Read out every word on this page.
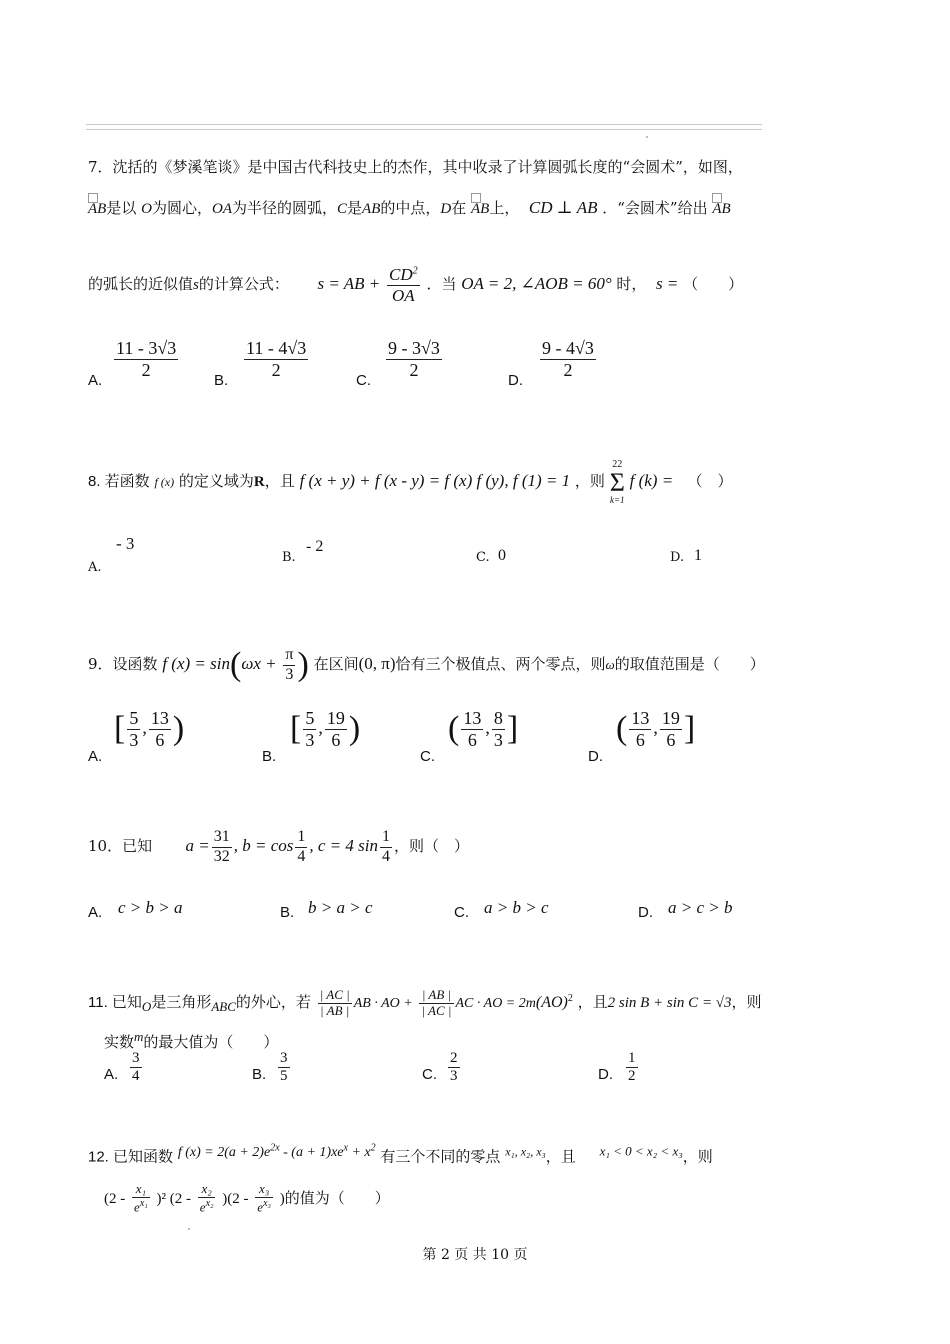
7．沈括的《梦溪笔谈》是中国古代科技史上的杰作，其中收录了计算圆弧长度的“会圆术”，如图，
AB是以 O为圆心，OA为半径的圆弧，C是AB的中点，D在 AB上， CD ⊥ AB ．“会圆术”给出 AB
的弧长的近似值s的计算公式： s = AB + $\frac{CD^2}{OA}$ ．当 OA = 2, ∠AOB = 60° 时， s = （　　）
A.
$\frac{11 - 3√3}{2}$
B.
$\frac{11 - 4√3}{2}$
C.
$\frac{9 - 3√3}{2}$
D.
$\frac{9 - 4√3}{2}$
8. 若函数 f (x) 的定义域为R，且 f (x + y) + f (x - y) = f (x) f (y), f (1) = 1 ，则
22
Σ
k=1
f (k) = （　）
A.
- 3
B.
- 2
C. 0	D. 1
9．设函数 f $(x) = \sin(\omega x + \frac{\pi}{3}$ ) 在区间(0, π)恰有三个极值点、两个零点，则ω的取值范围是（　　）
A.
[ $\frac{5}{3}$ , $\frac{13}{6}$ )
B.
[ $\frac{5}{3}$ , $\frac{19}{6}$ )
C.
( $\frac{13}{6}$ , $\frac{8}{3}$ ]
D.
( $\frac{13}{6}$ , $\frac{19}{6}$ ]
10．已知 $a = \frac{31}{32}$ , $b = \cos \frac{1}{4}$ , c = 4 $\sin \frac{1}{4}$ ，则（　）
A. c > b > a	B. b > a > c	C. a > b > c	D. a > c > b
11. 已知O是三角形ABC的外心，若 $\frac{| AC |}{| AB |}$ AB · AO + $\frac{| AB |}{| AC |}$ AC · AO = 2m(AO)$^2$ ，且2 sin B + sin C = √3，则
实数m的最大值为（　　）
A. $\frac{3}{4}$	B. $\frac{3}{5}$	C. $\frac{2}{3}$	D. $\frac{1}{2}$
12. 已知函数 f $(x) = 2(a + 2)e^{2x} - (a + 1)xe^x + x^2$ 有三个不同的零点 $^{x_1, x_2, x_3}$，且 x₁ < 0 < x₂ < x₃，则
$(2 - \frac{\text{x₁}}{e^{x_1}} )^2$ $(2 - \frac{\text{x₂}}{e^{x_2}} )(2 - \frac{\text{x₃}}{e^{x_3}}$ )的值为（　　）
第 2 页 共 10 页
